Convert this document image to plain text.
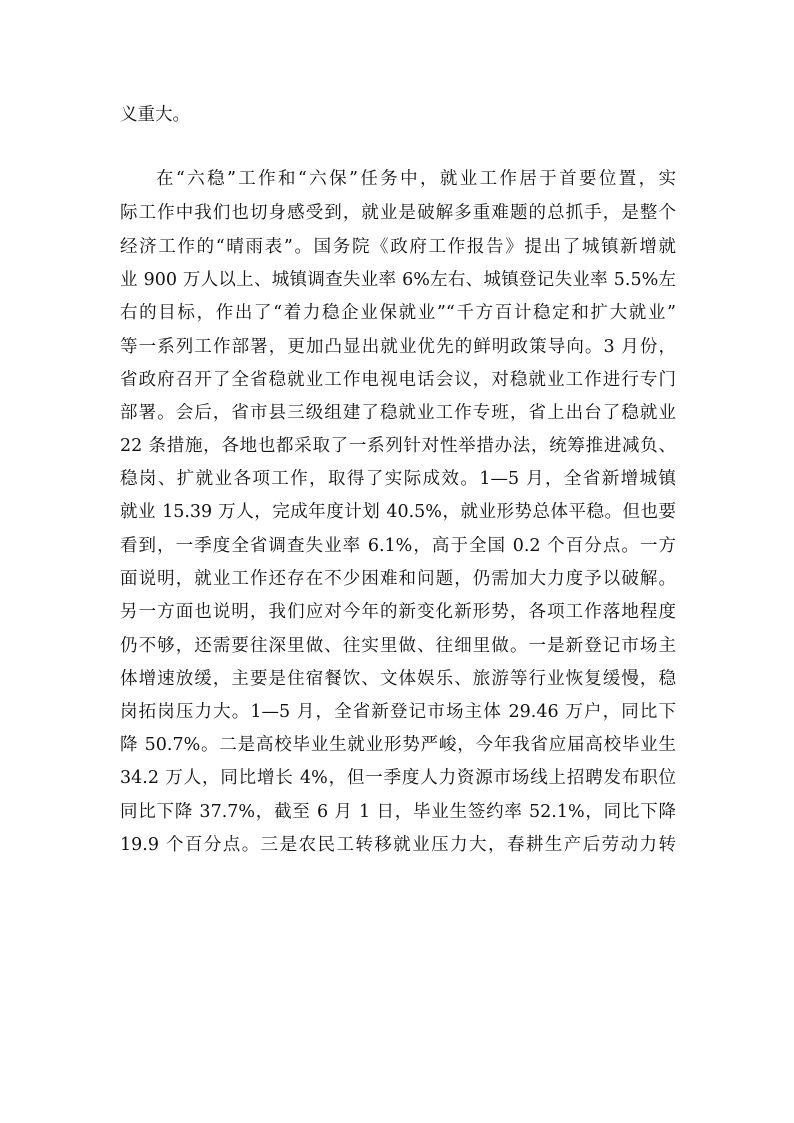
义重大。
在“六稳”工作和“六保”任务中，就业工作居于首要位置，实
际工作中我们也切身感受到，就业是破解多重难题的总抓手，是整个
经济工作的“晴雨表”。国务院《政府工作报告》提出了城镇新增就
业 900 万人以上、城镇调查失业率 6%左右、城镇登记失业率 5.5%左
右的目标，作出了“着力稳企业保就业”“千方百计稳定和扩大就业”
等一系列工作部署，更加凸显出就业优先的鲜明政策导向。3 月份，
省政府召开了全省稳就业工作电视电话会议，对稳就业工作进行专门
部署。会后，省市县三级组建了稳就业工作专班，省上出台了稳就业
22 条措施，各地也都采取了一系列针对性举措办法，统筹推进减负、
稳岗、扩就业各项工作，取得了实际成效。1—5 月，全省新增城镇
就业 15.39 万人，完成年度计划 40.5%，就业形势总体平稳。但也要
看到，一季度全省调查失业率 6.1%，高于全国 0.2 个百分点。一方
面说明，就业工作还存在不少困难和问题，仍需加大力度予以破解。
另一方面也说明，我们应对今年的新变化新形势，各项工作落地程度
仍不够，还需要往深里做、往实里做、往细里做。一是新登记市场主
体增速放缓，主要是住宿餐饮、文体娱乐、旅游等行业恢复缓慢，稳
岗拓岗压力大。1—5 月，全省新登记市场主体 29.46 万户，同比下
降 50.7%。二是高校毕业生就业形势严峻，今年我省应届高校毕业生
34.2 万人，同比增长 4%，但一季度人力资源市场线上招聘发布职位
同比下降 37.7%，截至 6 月 1 日，毕业生签约率 52.1%，同比下降
19.9 个百分点。三是农民工转移就业压力大，春耕生产后劳动力转
